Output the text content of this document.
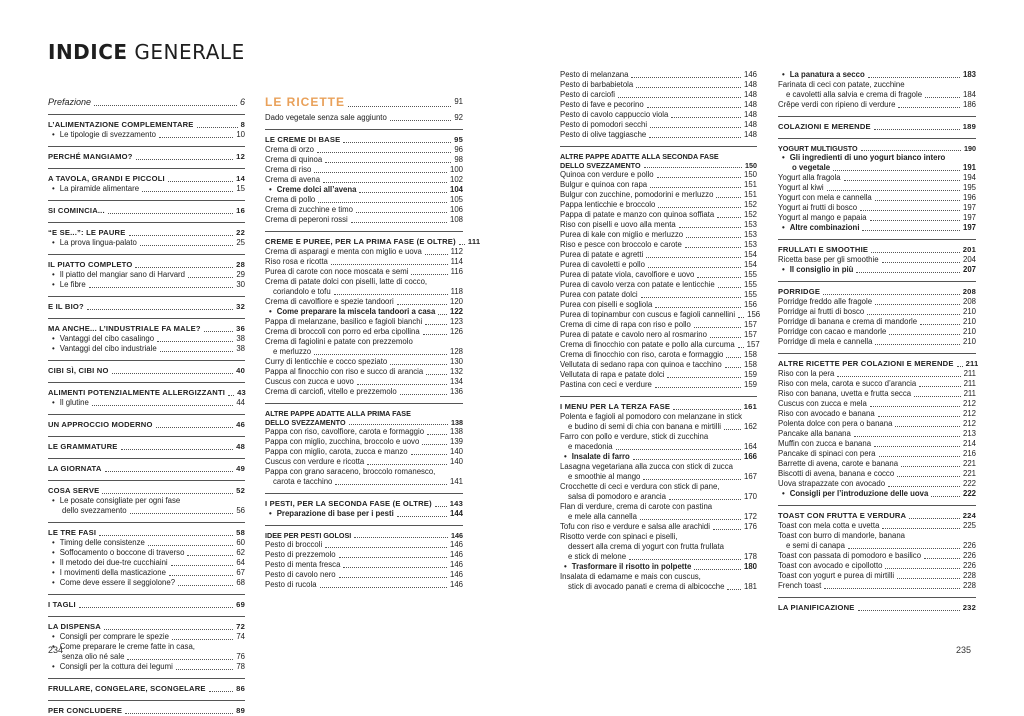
INDICE GENERALE
Prefazione	6
L’ALIMENTAZIONE COMPLEMENTARE	8
• Le tipologie di svezzamento	10
PERCHÉ MANGIAMO?	12
A TAVOLA, GRANDI E PICCOLI	14
• La piramide alimentare	15
SI COMINCIA...	16
“E SE...”: LE PAURE	22
• La prova lingua-palato	25
IL PIATTO COMPLETO	28
• Il piatto del mangiar sano di Harvard	29
• Le fibre	30
E IL BIO?	32
MA ANCHE... L’INDUSTRIALE FA MALE?	36
• Vantaggi del cibo casalingo	38
• Vantaggi del cibo industriale	38
CIBI SÌ, CIBI NO	40
ALIMENTI POTENZIALMENTE ALLERGIZZANTI 43
• Il glutine	44
UN APPROCCIO MODERNO	46
LE GRAMMATURE	48
LA GIORNATA	49
COSA SERVE	52
• Le posate consigliate per ogni fase
dello svezzamento	56
LE TRE FASI	58
• Timing delle consistenze	60
• Soffocamento o boccone di traverso	62
• Il metodo dei due-tre cucchiaini	64
• I movimenti della masticazione	67
• Come deve essere il seggiolone?	68
I TAGLI	69
LA DISPENSA	72
• Consigli per comprare le spezie	74
• Come preparare le creme fatte in casa,
senza olio né sale	76
• Consigli per la cottura dei legumi	78
FRULLARE, CONGELARE, SCONGELARE	86
PER CONCLUDERE	89
LE RICETTE	91
Dado vegetale senza sale aggiunto	92
LE CREME DI BASE	95
Crema di orzo	96
Crema di quinoa	98
Crema di riso	100
Crema di avena	102
• Creme dolci all’avena	104
Crema di pollo	105
Crema di zucchine e timo	106
Crema di peperoni rossi	108
CREME E PUREE, PER LA PRIMA FASE (E OLTRE) 111
Crema di asparagi e menta con miglio e uova	112
Riso rosa e ricotta	114
Purea di carote con noce moscata e semi	116
Crema di patate dolci con piselli, latte di cocco,
coriandolo e tofu	118
Crema di cavolfiore e spezie tandoori	120
• Come preparare la miscela tandoori a casa 122
Pappa di melanzane, basilico e fagioli bianchi	123
Crema di broccoli con porro ed erba cipollina	126
Crema di fagiolini e patate con prezzemolo
e merluzzo	128
Curry di lenticchie e cocco speziato	130
Pappa al finocchio con riso e succo di arancia	132
Cuscus con zucca e uovo	134
Crema di carciofi, vitello e prezzemolo	136
ALTRE PAPPE ADATTE ALLA PRIMA FASE
DELLO SVEZZAMENTO	138
Pappa con riso, cavolfiore, carota e formaggio	138
Pappa con miglio, zucchina, broccolo e uovo	139
Pappa con miglio, carota, zucca e manzo	140
Cuscus con verdure e ricotta	140
Pappa con grano saraceno, broccolo romanesco,
carota e tacchino	141
I PESTI, PER LA SECONDA FASE (E OLTRE) 143
• Preparazione di base per i pesti	144
IDEE PER PESTI GOLOSI	146
Pesto di broccoli	146
Pesto di prezzemolo	146
Pesto di menta fresca	146
Pesto di cavolo nero	146
Pesto di rucola	146
Pesto di melanzana	146
Pesto di barbabietola	148
Pesto di carciofi	148
Pesto di fave e pecorino	148
Pesto di cavolo cappuccio viola	148
Pesto di pomodori secchi	148
Pesto di olive taggiasche	148
ALTRE PAPPE ADATTE ALLA SECONDA FASE
DELLO SVEZZAMENTO	150
Quinoa con verdure e pollo	150
Bulgur e quinoa con rapa	151
Bulgur con zucchine, pomodorini e merluzzo	151
Pappa lenticchie e broccolo	152
Pappa di patate e manzo con quinoa soffiata	152
Riso con piselli e uovo alla menta	153
Purea di kale con miglio e merluzzo	153
Riso e pesce con broccolo e carote	153
Purea di patate e agretti	154
Purea di cavoletti e pollo	154
Purea di patate viola, cavolfiore e uovo	155
Purea di cavolo verza con patate e lenticchie	155
Purea con patate dolci	155
Purea con piselli e sogliola	156
Purea di topinambur con cuscus e fagioli cannellini 156
Crema di cime di rapa con riso e pollo	157
Purea di patate e cavolo nero al rosmarino	157
Crema di finocchio con patate e pollo alla curcuma 157
Crema di finocchio con riso, carota e formaggio	158
Vellutata di sedano rapa con quinoa e tacchino	158
Vellutata di rapa e patate dolci	159
Pastina con ceci e verdure	159
I MENU PER LA TERZA FASE	161
Polenta e fagioli al pomodoro con melanzane in stick
e budino di semi di chia con banana e mirtilli	162
Farro con pollo e verdure, stick di zucchina
e macedonia	164
• Insalate di farro	166
Lasagna vegetariana alla zucca con stick di zucca
e smoothie al mango	167
Crocchette di ceci e verdura con stick di pane,
salsa di pomodoro e arancia	170
Flan di verdure, crema di carote con pastina
e mele alla cannella	172
Tofu con riso e verdure e salsa alle arachidi	176
Risotto verde con spinaci e piselli,
dessert alla crema di yogurt con frutta frullata
e stick di melone	178
• Trasformare il risotto in polpette	180
Insalata di edamame e mais con cuscus,
stick di avocado panati e crema di albicocche	181
• La panatura a secco	183
Farinata di ceci con patate, zucchine
e cavoletti alla salvia e crema di fragole	184
Crêpe verdi con ripieno di verdure	186
COLAZIONI E MERENDE	189
YOGURT MULTIGUSTO	190
• Gli ingredienti di uno yogurt bianco intero
o vegetale	191
Yogurt alla fragola	194
Yogurt al kiwi	195
Yogurt con mela e cannella	196
Yogurt ai frutti di bosco	197
Yogurt al mango e papaia	197
• Altre combinazioni	197
FRULLATI E SMOOTHIE	201
Ricetta base per gli smoothie	204
• Il consiglio in più	207
PORRIDGE	208
Porridge freddo alle fragole	208
Porridge ai frutti di bosco	210
Porridge di banana e crema di mandorle	210
Porridge con cacao e mandorle	210
Porridge di mela e cannella	210
ALTRE RICETTE PER COLAZIONI E MERENDE 211
Riso con la pera	211
Riso con mela, carota e succo d’arancia	211
Riso con banana, uvetta e frutta secca	211
Cuscus con zucca e mela	212
Riso con avocado e banana	212
Polenta dolce con pera o banana	212
Pancake alla banana	213
Muffin con zucca e banana	214
Pancake di spinaci con pera	216
Barrette di avena, carote e banana	221
Biscotti di avena, banana e cocco	221
Uova strapazzate con avocado	222
• Consigli per l’introduzione delle uova	222
TOAST CON FRUTTA E VERDURA	224
Toast con mela cotta e uvetta	225
Toast con burro di mandorle, banana
e semi di canapa	226
Toast con passata di pomodoro e basilico	226
Toast con avocado e cipollotto	226
Toast con yogurt e purea di mirtilli	228
French toast	228
LA PIANIFICAZIONE	232
234	235
